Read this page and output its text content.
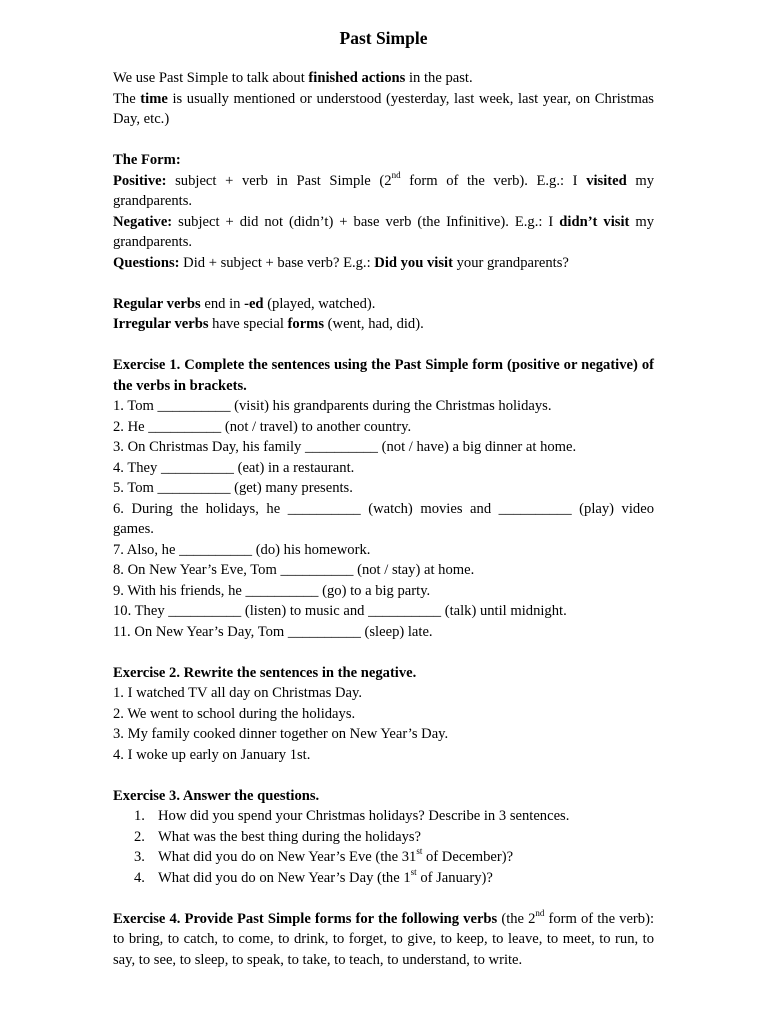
Past Simple

We use Past Simple to talk about finished actions in the past.

The time is usually mentioned or understood (yesterday, last week, last year, on Christmas Day, etc.)

The Form:

Positive: subject + verb in Past Simple (2nd form of the verb). E.g.: I visited my grandparents.

Negative: subject + did not (didn’t) + base verb (the Infinitive). E.g.: I didn’t visit my grandparents.

Questions: Did + subject + base verb? E.g.: Did you visit your grandparents?

Regular verbs end in -ed (played, watched).

Irregular verbs have special forms (went, had, did).

Exercise 1. Complete the sentences using the Past Simple form (positive or negative) of the verbs in brackets.

1. Tom __________ (visit) his grandparents during the Christmas holidays.

2. He __________ (not / travel) to another country.

3. On Christmas Day, his family __________ (not / have) a big dinner at home.

4. They __________ (eat) in a restaurant.

5. Tom __________ (get) many presents.

6. During the holidays, he __________ (watch) movies and __________ (play) video games.

7. Also, he __________ (do) his homework.

8. On New Year’s Eve, Tom __________ (not / stay) at home.

9. With his friends, he __________ (go) to a big party.

10. They __________ (listen) to music and __________ (talk) until midnight.

11. On New Year’s Day, Tom __________ (sleep) late.

Exercise 2. Rewrite the sentences in the negative.

1. I watched TV all day on Christmas Day.

2. We went to school during the holidays.

3. My family cooked dinner together on New Year’s Day.

4. I woke up early on January 1st.

Exercise 3. Answer the questions.

1. How did you spend your Christmas holidays? Describe in 3 sentences.
2. What was the best thing during the holidays?
3. What did you do on New Year’s Eve (the 31st of December)?
4. What did you do on New Year’s Day (the 1st of January)?

Exercise 4. Provide Past Simple forms for the following verbs (the 2nd form of the verb): to bring, to catch, to come, to drink, to forget, to give, to keep, to leave, to meet, to run, to say, to see, to sleep, to speak, to take, to teach, to understand, to write.
